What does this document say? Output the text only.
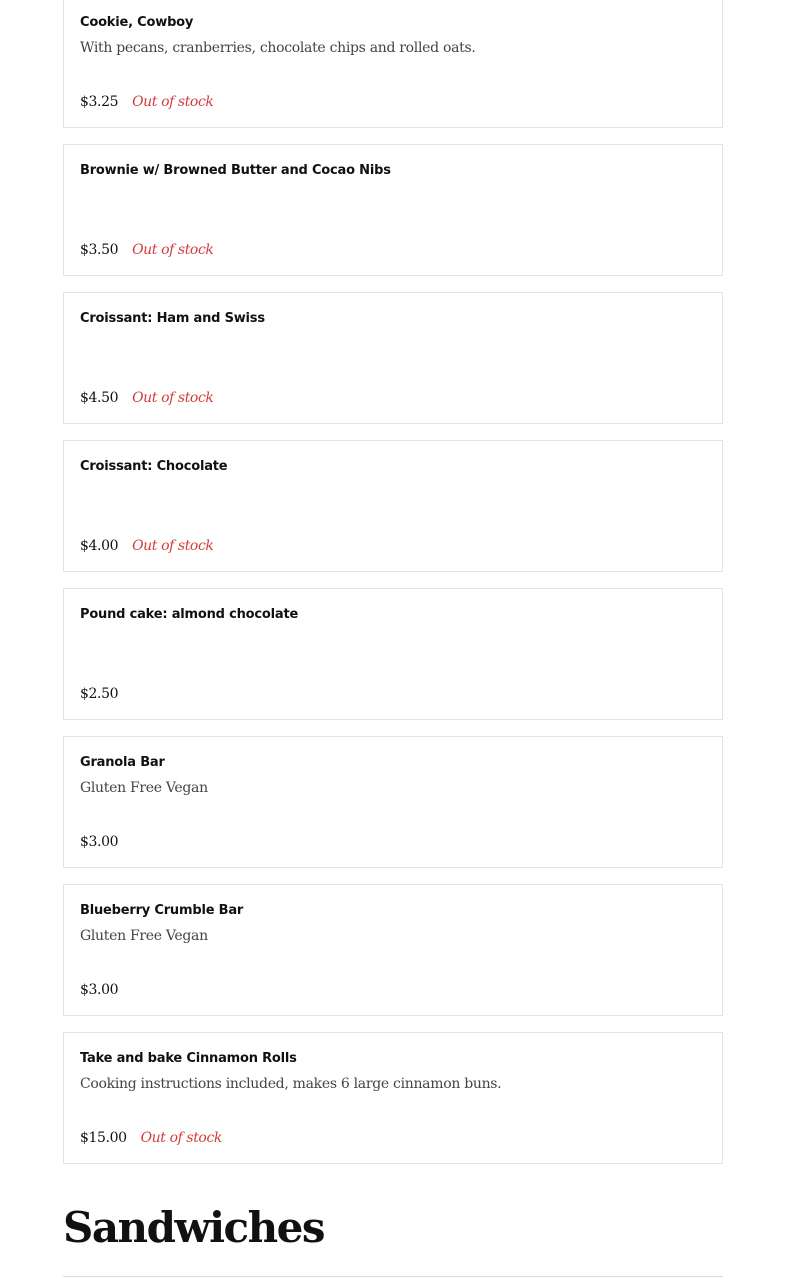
Cookie, Cowboy
With pecans, cranberries, chocolate chips and rolled oats.
$3.25 Out of stock
Brownie w/ Browned Butter and Cocao Nibs
$3.50 Out of stock
Croissant: Ham and Swiss
$4.50 Out of stock
Croissant: Chocolate
$4.00 Out of stock
Pound cake: almond chocolate
$2.50
Granola Bar
Gluten Free Vegan
$3.00
Blueberry Crumble Bar
Gluten Free Vegan
$3.00
Take and bake Cinnamon Rolls
Cooking instructions included, makes 6 large cinnamon buns.
$15.00 Out of stock
Sandwiches
